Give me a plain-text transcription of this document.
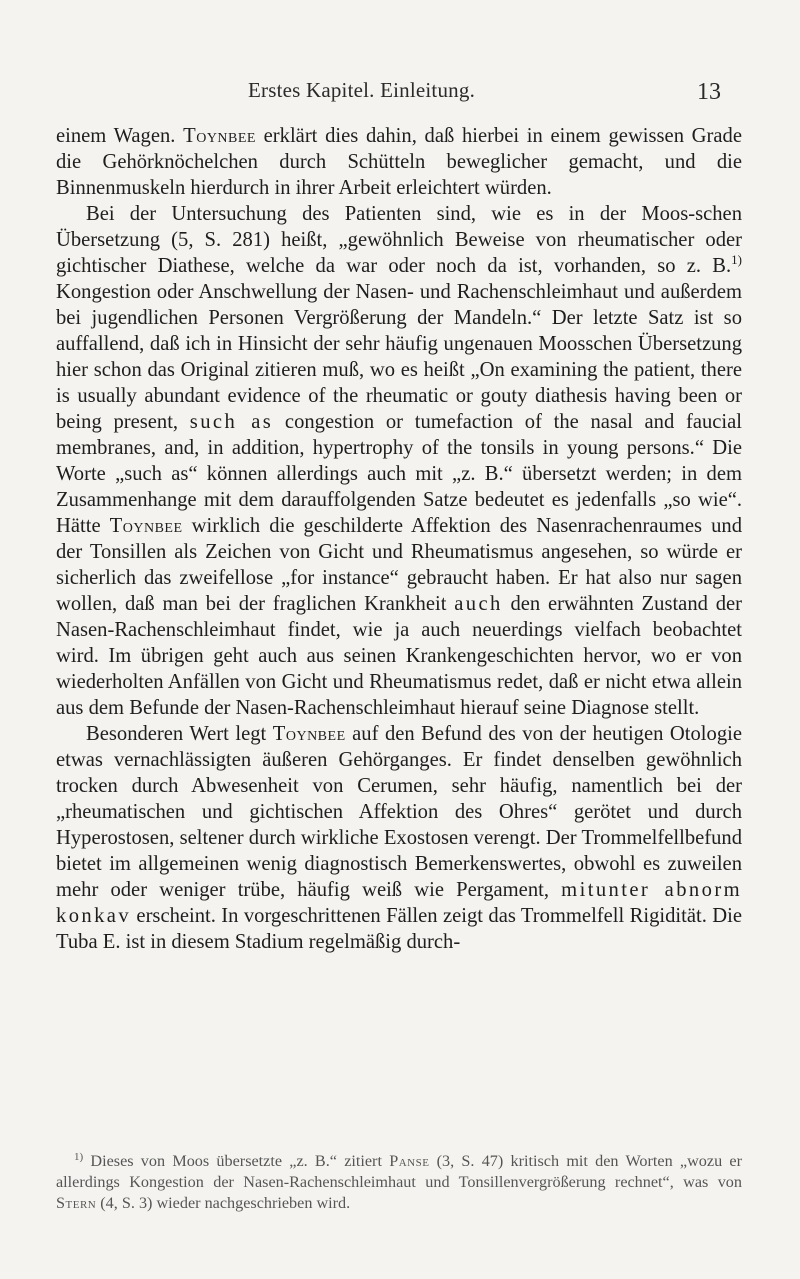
Erstes Kapitel. Einleitung.	13

einem Wagen. Toynbee erklärt dies dahin, daß hierbei in einem gewissen Grade die Gehörknöchelchen durch Schütteln beweglicher gemacht, und die Binnenmuskeln hierdurch in ihrer Arbeit erleichtert würden.

Bei der Untersuchung des Patienten sind, wie es in der Moos-schen Übersetzung (5, S. 281) heißt, „gewöhnlich Beweise von rheumatischer oder gichtischer Diathese, welche da war oder noch da ist, vorhanden, so z. B.$^{1)}$ Kongestion oder Anschwellung der Nasen- und Rachenschleimhaut und außerdem bei jugendlichen Personen Vergrößerung der Mandeln.“ Der letzte Satz ist so auffallend, daß ich in Hinsicht der sehr häufig ungenauen Moosschen Übersetzung hier schon das Original zitieren muß, wo es heißt „On examining the patient, there is usually abundant evidence of the rheumatic or gouty diathesis having been or being present, such as congestion or tumefaction of the nasal and faucial membranes, and, in addition, hypertrophy of the tonsils in young persons.“ Die Worte „such as“ können allerdings auch mit „z. B.“ übersetzt werden; in dem Zusammenhange mit dem darauffolgenden Satze bedeutet es jedenfalls „so wie“. Hätte Toynbee wirklich die geschilderte Affektion des Nasenrachenraumes und der Tonsillen als Zeichen von Gicht und Rheumatismus angesehen, so würde er sicherlich das zweifellose „for instance“ gebraucht haben. Er hat also nur sagen wollen, daß man bei der fraglichen Krankheit auch den erwähnten Zustand der Nasen-Rachenschleimhaut findet, wie ja auch neuerdings vielfach beobachtet wird. Im übrigen geht auch aus seinen Krankengeschichten hervor, wo er von wiederholten Anfällen von Gicht und Rheumatismus redet, daß er nicht etwa allein aus dem Befunde der Nasen-Rachenschleimhaut hierauf seine Diagnose stellt.

Besonderen Wert legt Toynbee auf den Befund des von der heutigen Otologie etwas vernachlässigten äußeren Gehörganges. Er findet denselben gewöhnlich trocken durch Abwesenheit von Cerumen, sehr häufig, namentlich bei der „rheumatischen und gichtischen Affektion des Ohres“ gerötet und durch Hyperostosen, seltener durch wirkliche Exostosen verengt. Der Trommelfellbefund bietet im allgemeinen wenig diagnostisch Bemerkenswertes, obwohl es zuweilen mehr oder weniger trübe, häufig weiß wie Pergament, mitunter abnorm konkav erscheint. In vorgeschrittenen Fällen zeigt das Trommelfell Rigidität. Die Tuba E. ist in diesem Stadium regelmäßig durch-

$^{1)}$ Dieses von Moos übersetzte „z. B.“ zitiert Panse (3, S. 47) kritisch mit den Worten „wozu er allerdings Kongestion der Nasen-Rachenschleimhaut und Tonsillenvergrößerung rechnet“, was von Stern (4, S. 3) wieder nachgeschrieben wird.
